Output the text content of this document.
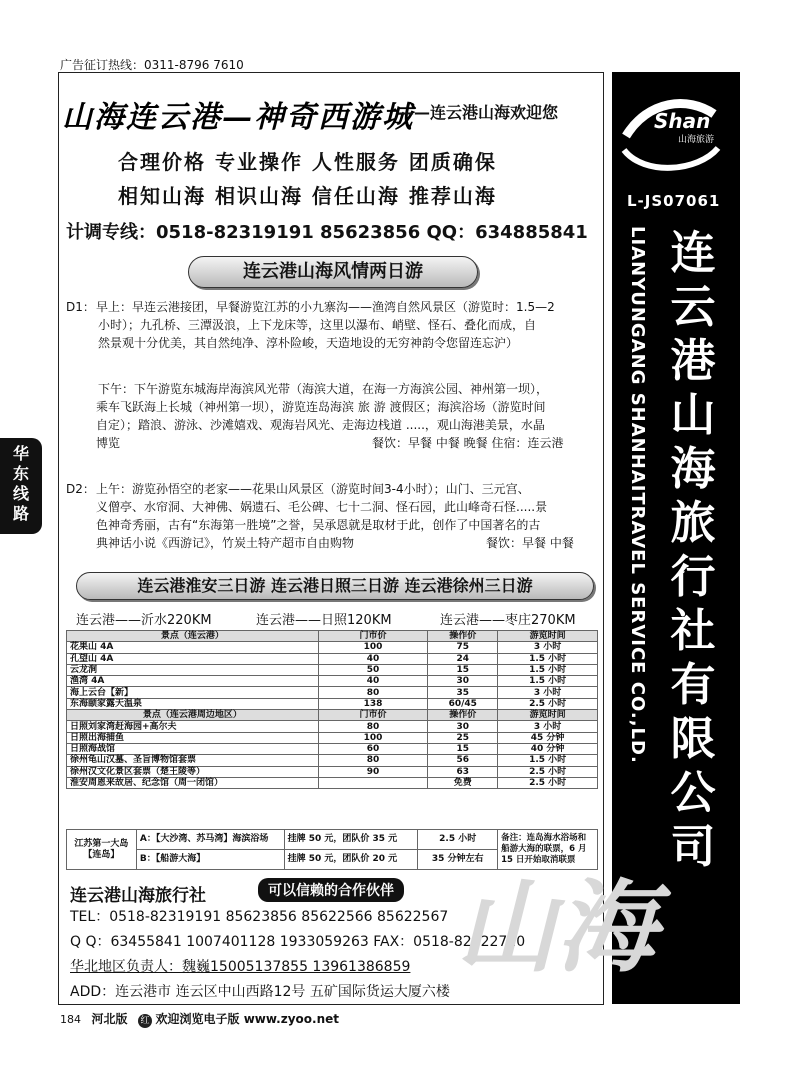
广告征订热线：0311-8796 7610
山海连云港—神奇西游城
——连云港山海欢迎您
合理价格 专业操作 人性服务 团质确保
相知山海 相识山海 信任山海 推荐山海
计调专线：0518-82319191 85623856 QQ：634885841
连云港山海风情两日游
D1： 早上：早连云港接团，早餐游览江苏的小九寨沟——渔湾自然风景区（游览时：1.5—2
小时）；九孔桥、三潭汲浪，上下龙床等，这里以瀑布、峭壁、怪石、叠化而成，自
然景观十分优美，其自然纯净、淳朴险峻，天造地设的无穷神韵令您留连忘沪）
下午：下午游览东城海岸海滨风光带（海滨大道，在海一方海滨公园、神州第一坝），
乘车飞跃海上长城（神州第一坝），游览连岛海滨 旅 游 渡假区；海滨浴场（游览时间
自定）；踏浪、游泳、沙滩嬉戏、观海岩风光、走海边栈道 .....，观山海港美景，水晶
博览	餐饮：早餐 中餐 晚餐 住宿：连云港
D2： 上午：游览孙悟空的老家——花果山风景区（游览时间3-4小时）；山门、三元宫、
义僧亭、水帘洞、大神佛、娲遗石、毛公碑、七十二洞、怪石园，此山峰奇石怪.....景
色神奇秀丽，古有“东海第一胜境”之誉，吴承恩就是取材于此，创作了中国著名的古
典神话小说《西游记》，竹炭土特产超市自由购物	餐饮：早餐 中餐
连云港淮安三日游 连云港日照三日游 连云港徐州三日游
连云港——沂水220KM	连云港——日照120KM	连云港——枣庄270KM
景点（连云港）	门市价	操作价	游览时间
花果山 4A	100	75	3 小时
孔望山 4A	40	24	1.5 小时
云龙涧	50	15	1.5 小时
渔湾 4A	40	30	1.5 小时
海上云台【新】	80	35	3 小时
东海颐家露天温泉	138	60/45	2.5 小时
景点（连云港周边地区）	门市价	操作价	游览时间
日照刘家湾赶海园+高尔夫	80	30	3 小时
日照出海捕鱼	100	25	45 分钟
日照海战馆	60	15	40 分钟
徐州龟山汉墓、圣旨博物馆套票	80	56	1.5 小时
徐州汉文化景区套票（楚王陵等）	90	63	2.5 小时
淮安周恩来故居、纪念馆（周一闭馆）		免费	2.5 小时
江苏第一大岛
【连岛】	A：【大沙湾、苏马湾】海滨浴场	挂牌 50 元，团队价 35 元	2.5 小时	备注：连岛海水浴场和船游大海的联票，6 月 15 日开始取消联票
	B：【船游大海】	挂牌 50 元，团队价 20 元	35 分钟左右	
连云港山海旅行社	可以信赖的合作伙伴
TEL：0518-82319191 85623856 85622566 85622567
Q Q：63455841 1007401128 1933059263 FAX：0518-82322710
华北地区负责人：魏巍15005137855 13961386859
ADD：连云港市 连云区中山西路12号 五矿国际货运大厦六楼
184 河北版 红 欢迎浏览电子版 www.zyoo.net
华东线路
Shan
山海旅游
L-JS07061
连云港山海旅行社有限公司
LIANYUNGANG SHANHAITRAVEL SERVICE CO.,LD.
山海
